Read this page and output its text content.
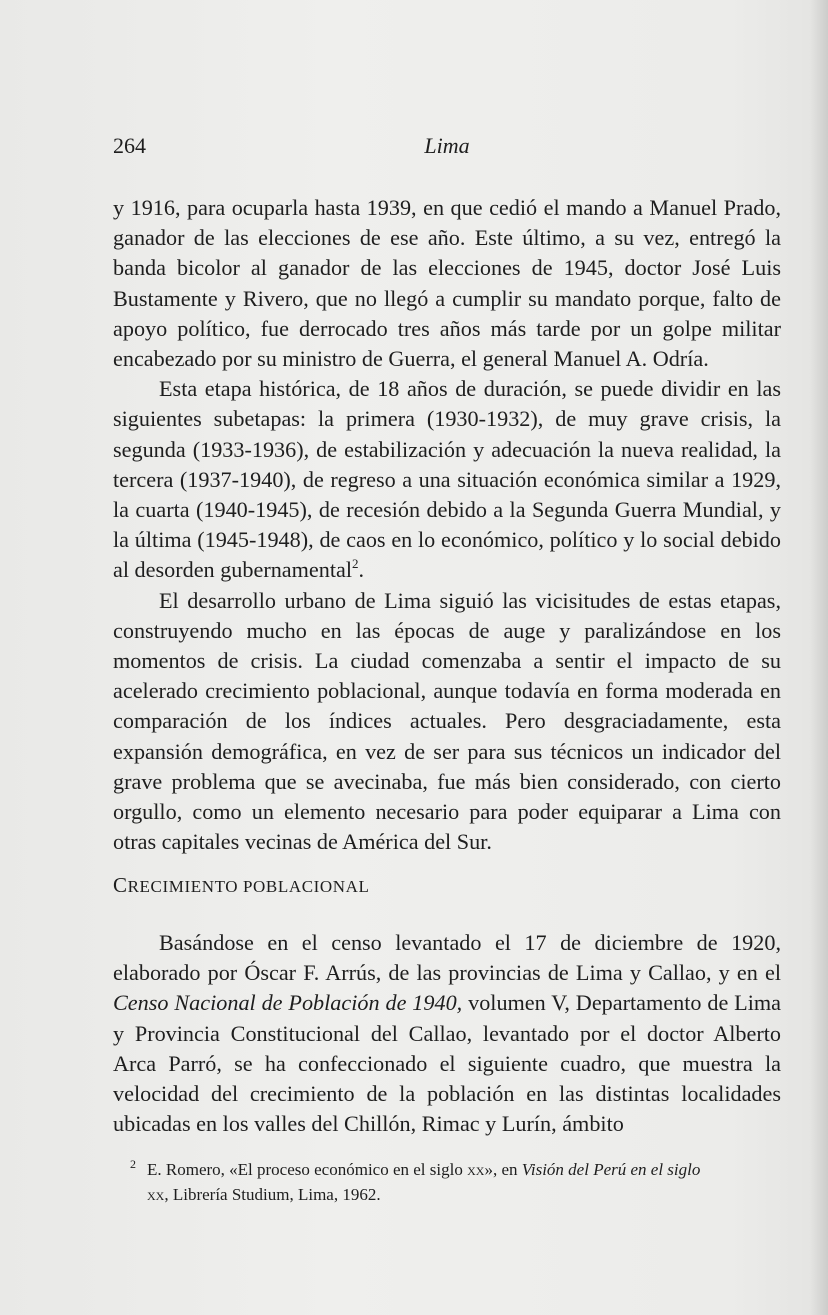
264	Lima

y 1916, para ocuparla hasta 1939, en que cedió el mando a Manuel Prado, ganador de las elecciones de ese año. Este último, a su vez, entregó la banda bicolor al ganador de las elecciones de 1945, doctor José Luis Bustamente y Rivero, que no llegó a cumplir su mandato porque, falto de apoyo político, fue derrocado tres años más tarde por un golpe militar encabezado por su ministro de Guerra, el general Manuel A. Odría.

Esta etapa histórica, de 18 años de duración, se puede dividir en las siguientes subetapas: la primera (1930-1932), de muy grave crisis, la segunda (1933-1936), de estabilización y adecuación la nueva realidad, la tercera (1937-1940), de regreso a una situación económica similar a 1929, la cuarta (1940-1945), de recesión debido a la Segunda Guerra Mundial, y la última (1945-1948), de caos en lo económico, político y lo social debido al desorden gubernamental$^2$.

El desarrollo urbano de Lima siguió las vicisitudes de estas etapas, construyendo mucho en las épocas de auge y paralizándose en los momentos de crisis. La ciudad comenzaba a sentir el impacto de su acelerado crecimiento poblacional, aunque todavía en forma moderada en comparación de los índices actuales. Pero desgraciadamente, esta expansión demográfica, en vez de ser para sus técnicos un indicador del grave problema que se avecinaba, fue más bien considerado, con cierto orgullo, como un elemento necesario para poder equiparar a Lima con otras capitales vecinas de América del Sur.

CRECIMIENTO POBLACIONAL

Basándose en el censo levantado el 17 de diciembre de 1920, elaborado por Óscar F. Arrús, de las provincias de Lima y Callao, y en el Censo Nacional de Población de 1940, volumen V, Departamento de Lima y Provincia Constitucional del Callao, levantado por el doctor Alberto Arca Parró, se ha confeccionado el siguiente cuadro, que muestra la velocidad del crecimiento de la población en las distintas localidades ubicadas en los valles del Chillón, Rimac y Lurín, ámbito

2 E. Romero, «El proceso económico en el siglo xx», en Visión del Perú en el siglo
xx, Librería Studium, Lima, 1962.
